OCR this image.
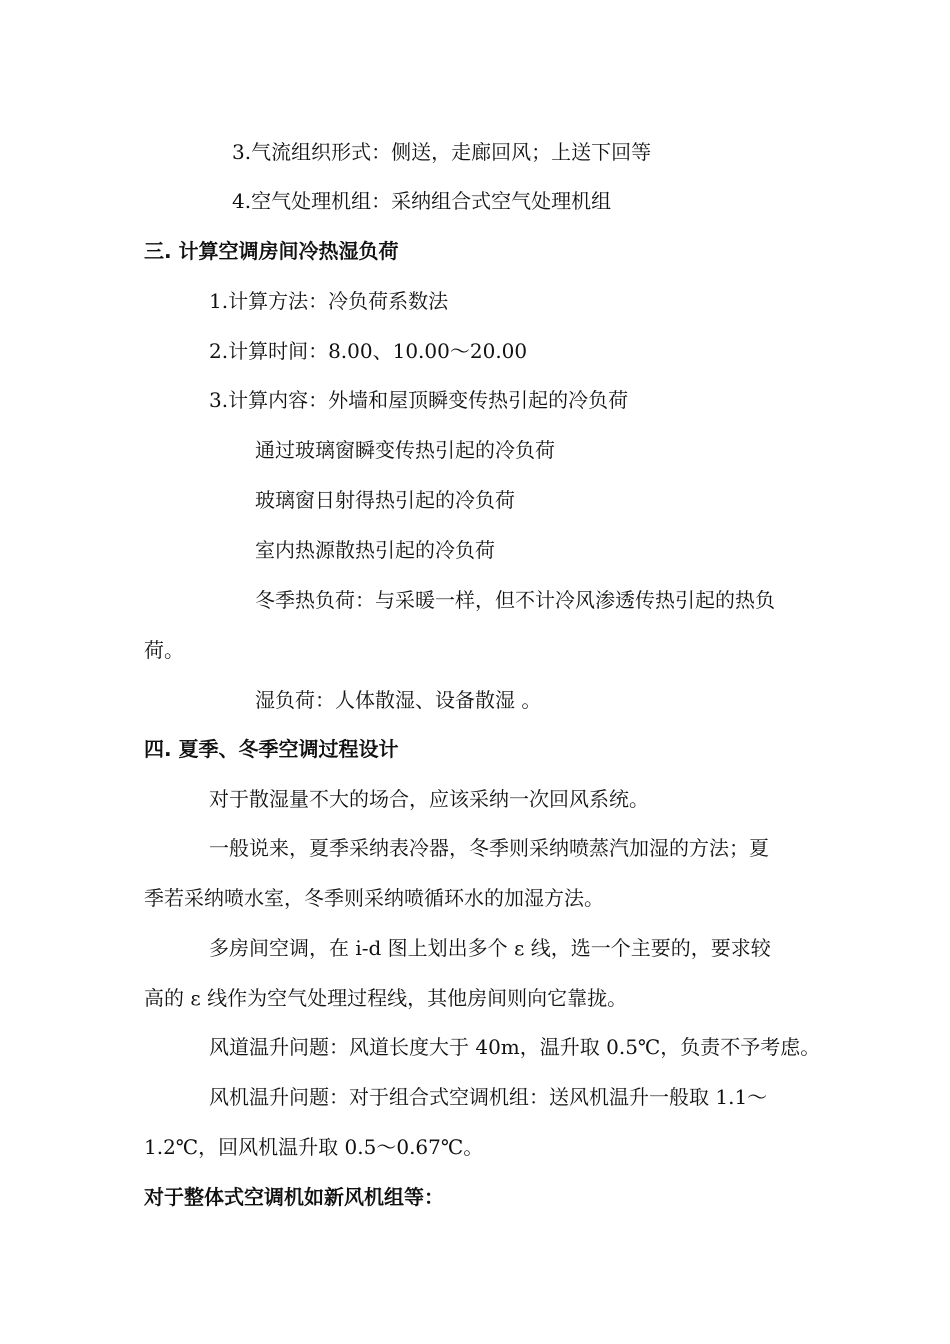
3.气流组织形式：侧送，走廊回风；上送下回等
4.空气处理机组：采纳组合式空气处理机组
三. 计算空调房间冷热湿负荷
1.计算方法：冷负荷系数法
2.计算时间：8.00、10.00～20.00
3.计算内容：外墙和屋顶瞬变传热引起的冷负荷
通过玻璃窗瞬变传热引起的冷负荷
玻璃窗日射得热引起的冷负荷
室内热源散热引起的冷负荷
冬季热负荷：与采暖一样，但不计冷风渗透传热引起的热负
荷。
湿负荷：人体散湿、设备散湿 。
四. 夏季、冬季空调过程设计
对于散湿量不大的场合，应该采纳一次回风系统。
一般说来，夏季采纳表冷器，冬季则采纳喷蒸汽加湿的方法；夏
季若采纳喷水室，冬季则采纳喷循环水的加湿方法。
多房间空调，在 i-d 图上划出多个 ε 线，选一个主要的，要求较
高的 ε 线作为空气处理过程线，其他房间则向它靠拢。
风道温升问题：风道长度大于 40m，温升取 0.5℃，负责不予考虑。
风机温升问题：对于组合式空调机组：送风机温升一般取 1.1～
1.2℃，回风机温升取 0.5～0.67℃。
对于整体式空调机如新风机组等：
